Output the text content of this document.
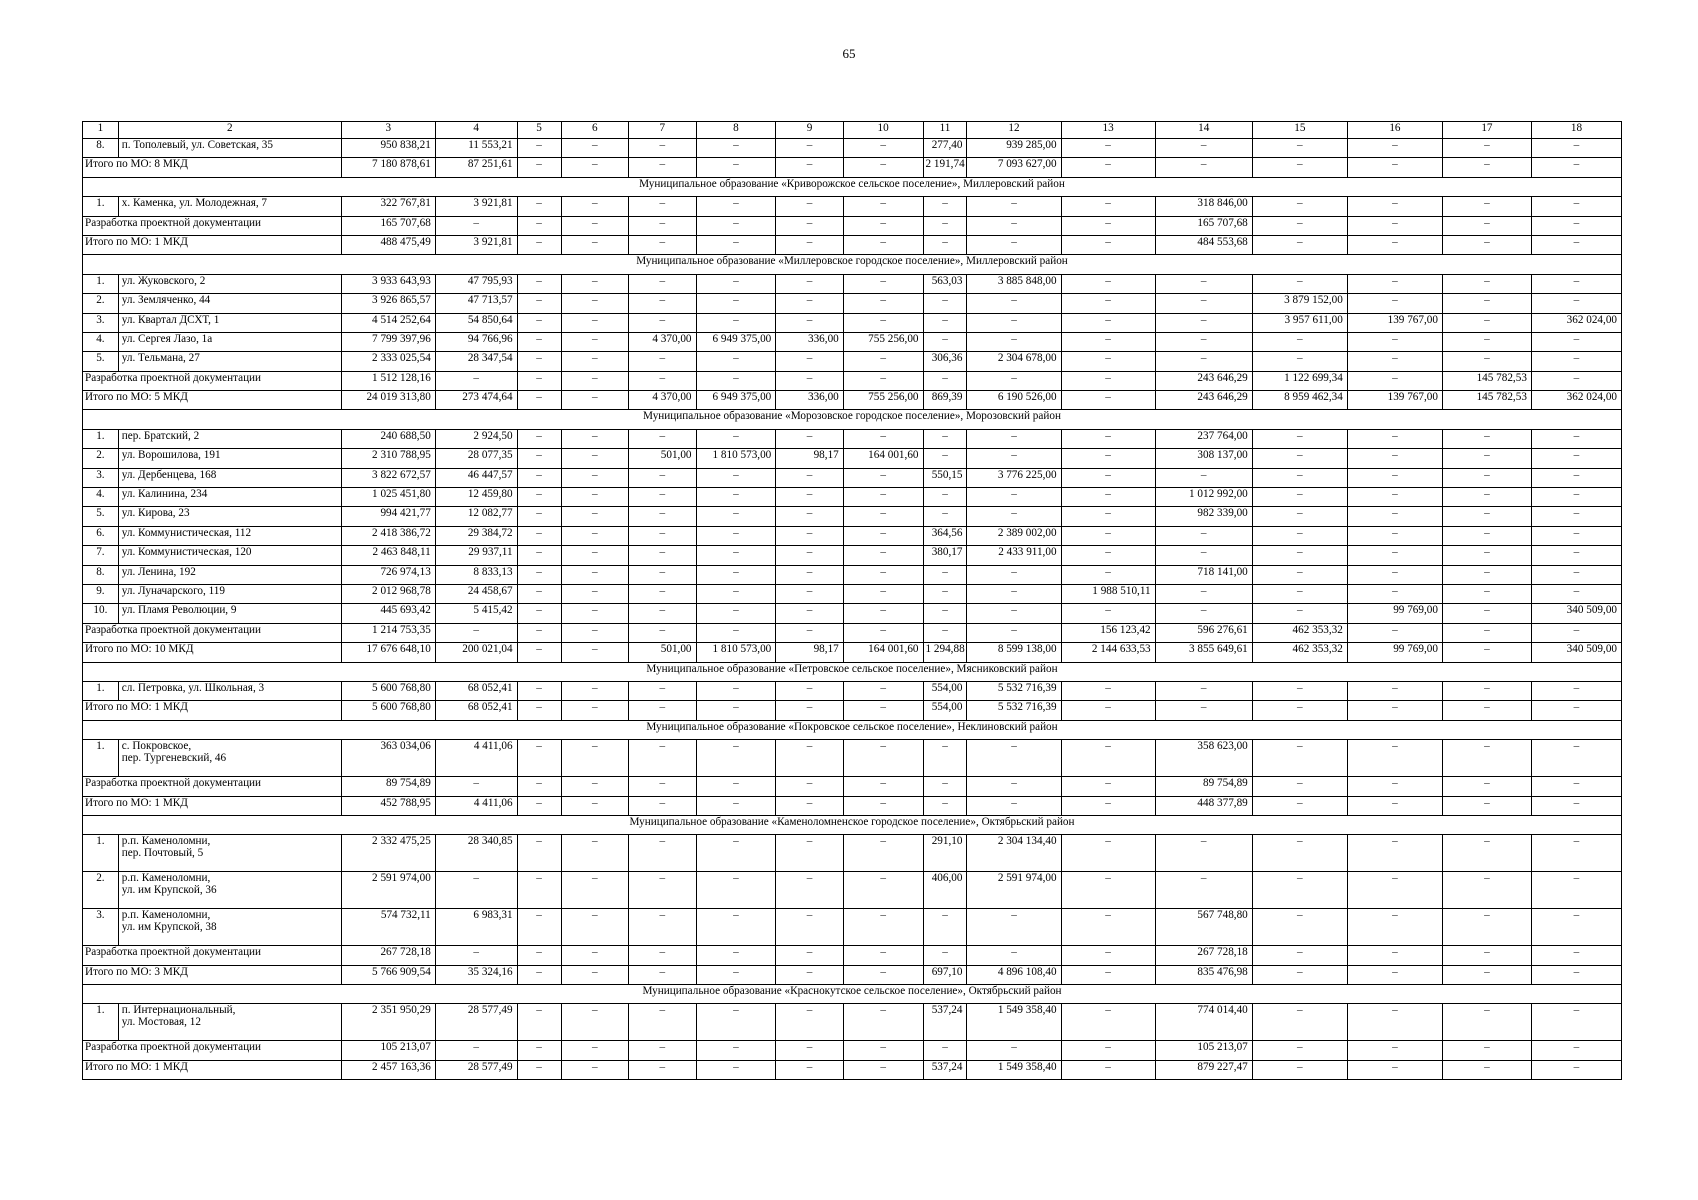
65
1	2	3	4	5	6	7	8	9	10	11	12	13	14	15	16	17	18
8.	п. Тополевый, ул. Советская, 35	950 838,21	11 553,21	–	–	–	–	–	–	277,40	939 285,00	–	–	–	–	–	–
Итого по МО: 8 МКД		7 180 878,61	87 251,61	–	–	–	–	–	–	2 191,74	7 093 627,00	–	–	–	–	–	–
Муниципальное образование «Криворожское сельское поселение», Миллеровский район																	
1.	х. Каменка, ул. Молодежная, 7	322 767,81	3 921,81	–	–	–	–	–	–	–	–	–	318 846,00	–	–	–	–
Разработка проектной документации		165 707,68	–	–	–	–	–	–	–	–	–	–	165 707,68	–	–	–	–
Итого по МО: 1 МКД		488 475,49	3 921,81	–	–	–	–	–	–	–	–	–	484 553,68	–	–	–	–
Муниципальное образование «Миллеровское городское поселение», Миллеровский район																	
1.	ул. Жуковского, 2	3 933 643,93	47 795,93	–	–	–	–	–	–	563,03	3 885 848,00	–	–	–	–	–	–
2.	ул. Земляченко, 44	3 926 865,57	47 713,57	–	–	–	–	–	–	–	–	–	–	3 879 152,00	–	–	–
3.	ул. Квартал ДСХТ, 1	4 514 252,64	54 850,64	–	–	–	–	–	–	–	–	–	–	3 957 611,00	139 767,00	–	362 024,00
4.	ул. Сергея Лазо, 1а	7 799 397,96	94 766,96	–	–	4 370,00	6 949 375,00	336,00	755 256,00	–	–	–	–	–	–	–	–
5.	ул. Тельмана, 27	2 333 025,54	28 347,54	–	–	–	–	–	–	306,36	2 304 678,00	–	–	–	–	–	–
Разработка проектной документации		1 512 128,16	–	–	–	–	–	–	–	–	–	–	243 646,29	1 122 699,34	–	145 782,53	–
Итого по МО: 5 МКД		24 019 313,80	273 474,64	–	–	4 370,00	6 949 375,00	336,00	755 256,00	869,39	6 190 526,00	–	243 646,29	8 959 462,34	139 767,00	145 782,53	362 024,00
Муниципальное образование «Морозовское городское поселение», Морозовский район																	
1.	пер. Братский, 2	240 688,50	2 924,50	–	–	–	–	–	–	–	–	–	237 764,00	–	–	–	–
2.	ул. Ворошилова, 191	2 310 788,95	28 077,35	–	–	501,00	1 810 573,00	98,17	164 001,60	–	–	–	308 137,00	–	–	–	–
3.	ул. Дербенцева, 168	3 822 672,57	46 447,57	–	–	–	–	–	–	550,15	3 776 225,00	–	–	–	–	–	–
4.	ул. Калинина, 234	1 025 451,80	12 459,80	–	–	–	–	–	–	–	–	–	1 012 992,00	–	–	–	–
5.	ул. Кирова, 23	994 421,77	12 082,77	–	–	–	–	–	–	–	–	–	982 339,00	–	–	–	–
6.	ул. Коммунистическая, 112	2 418 386,72	29 384,72	–	–	–	–	–	–	364,56	2 389 002,00	–	–	–	–	–	–
7.	ул. Коммунистическая, 120	2 463 848,11	29 937,11	–	–	–	–	–	–	380,17	2 433 911,00	–	–	–	–	–	–
8.	ул. Ленина, 192	726 974,13	8 833,13	–	–	–	–	–	–	–	–	–	718 141,00	–	–	–	–
9.	ул. Луначарского, 119	2 012 968,78	24 458,67	–	–	–	–	–	–	–	–	1 988 510,11	–	–	–	–	–
10.	ул. Пламя Революции, 9	445 693,42	5 415,42	–	–	–	–	–	–	–	–	–	–	–	99 769,00	–	340 509,00
Разработка проектной документации		1 214 753,35	–	–	–	–	–	–	–	–	–	156 123,42	596 276,61	462 353,32	–	–	–
Итого по МО: 10 МКД		17 676 648,10	200 021,04	–	–	501,00	1 810 573,00	98,17	164 001,60	1 294,88	8 599 138,00	2 144 633,53	3 855 649,61	462 353,32	99 769,00	–	340 509,00
Муниципальное образование «Петровское сельское поселение», Мясниковский район																	
1.	сл. Петровка, ул. Школьная, 3	5 600 768,80	68 052,41	–	–	–	–	–	–	554,00	5 532 716,39	–	–	–	–	–	–
Итого по МО: 1 МКД		5 600 768,80	68 052,41	–	–	–	–	–	–	554,00	5 532 716,39	–	–	–	–	–	–
Муниципальное образование «Покровское сельское поселение», Неклиновский район																	
1.	с. Покровское,
пер. Тургеневский, 46	363 034,06	4 411,06	–	–	–	–	–	–	–	–	–	358 623,00	–	–	–	–
Разработка проектной документации		89 754,89	–	–	–	–	–	–	–	–	–	–	89 754,89	–	–	–	–
Итого по МО: 1 МКД		452 788,95	4 411,06	–	–	–	–	–	–	–	–	–	448 377,89	–	–	–	–
Муниципальное образование «Каменоломненское городское поселение», Октябрьский район																	
1.	р.п. Каменоломни,
пер. Почтовый, 5	2 332 475,25	28 340,85	–	–	–	–	–	–	291,10	2 304 134,40	–	–	–	–	–	–
2.	р.п. Каменоломни,
ул. им Крупской, 36	2 591 974,00	–	–	–	–	–	–	–	406,00	2 591 974,00	–	–	–	–	–	–
3.	р.п. Каменоломни,
ул. им Крупской, 38	574 732,11	6 983,31	–	–	–	–	–	–	–	–	–	567 748,80	–	–	–	–
Разработка проектной документации		267 728,18	–	–	–	–	–	–	–	–	–	–	267 728,18	–	–	–	–
Итого по МО: 3 МКД		5 766 909,54	35 324,16	–	–	–	–	–	–	697,10	4 896 108,40	–	835 476,98	–	–	–	–
Муниципальное образование «Краснокутское сельское поселение», Октябрьский район																	
1.	п. Интернациональный,
ул. Мостовая, 12	2 351 950,29	28 577,49	–	–	–	–	–	–	537,24	1 549 358,40	–	774 014,40	–	–	–	–
Разработка проектной документации		105 213,07	–	–	–	–	–	–	–	–	–	–	105 213,07	–	–	–	–
Итого по МО: 1 МКД		2 457 163,36	28 577,49	–	–	–	–	–	–	537,24	1 549 358,40	–	879 227,47	–	–	–	–
